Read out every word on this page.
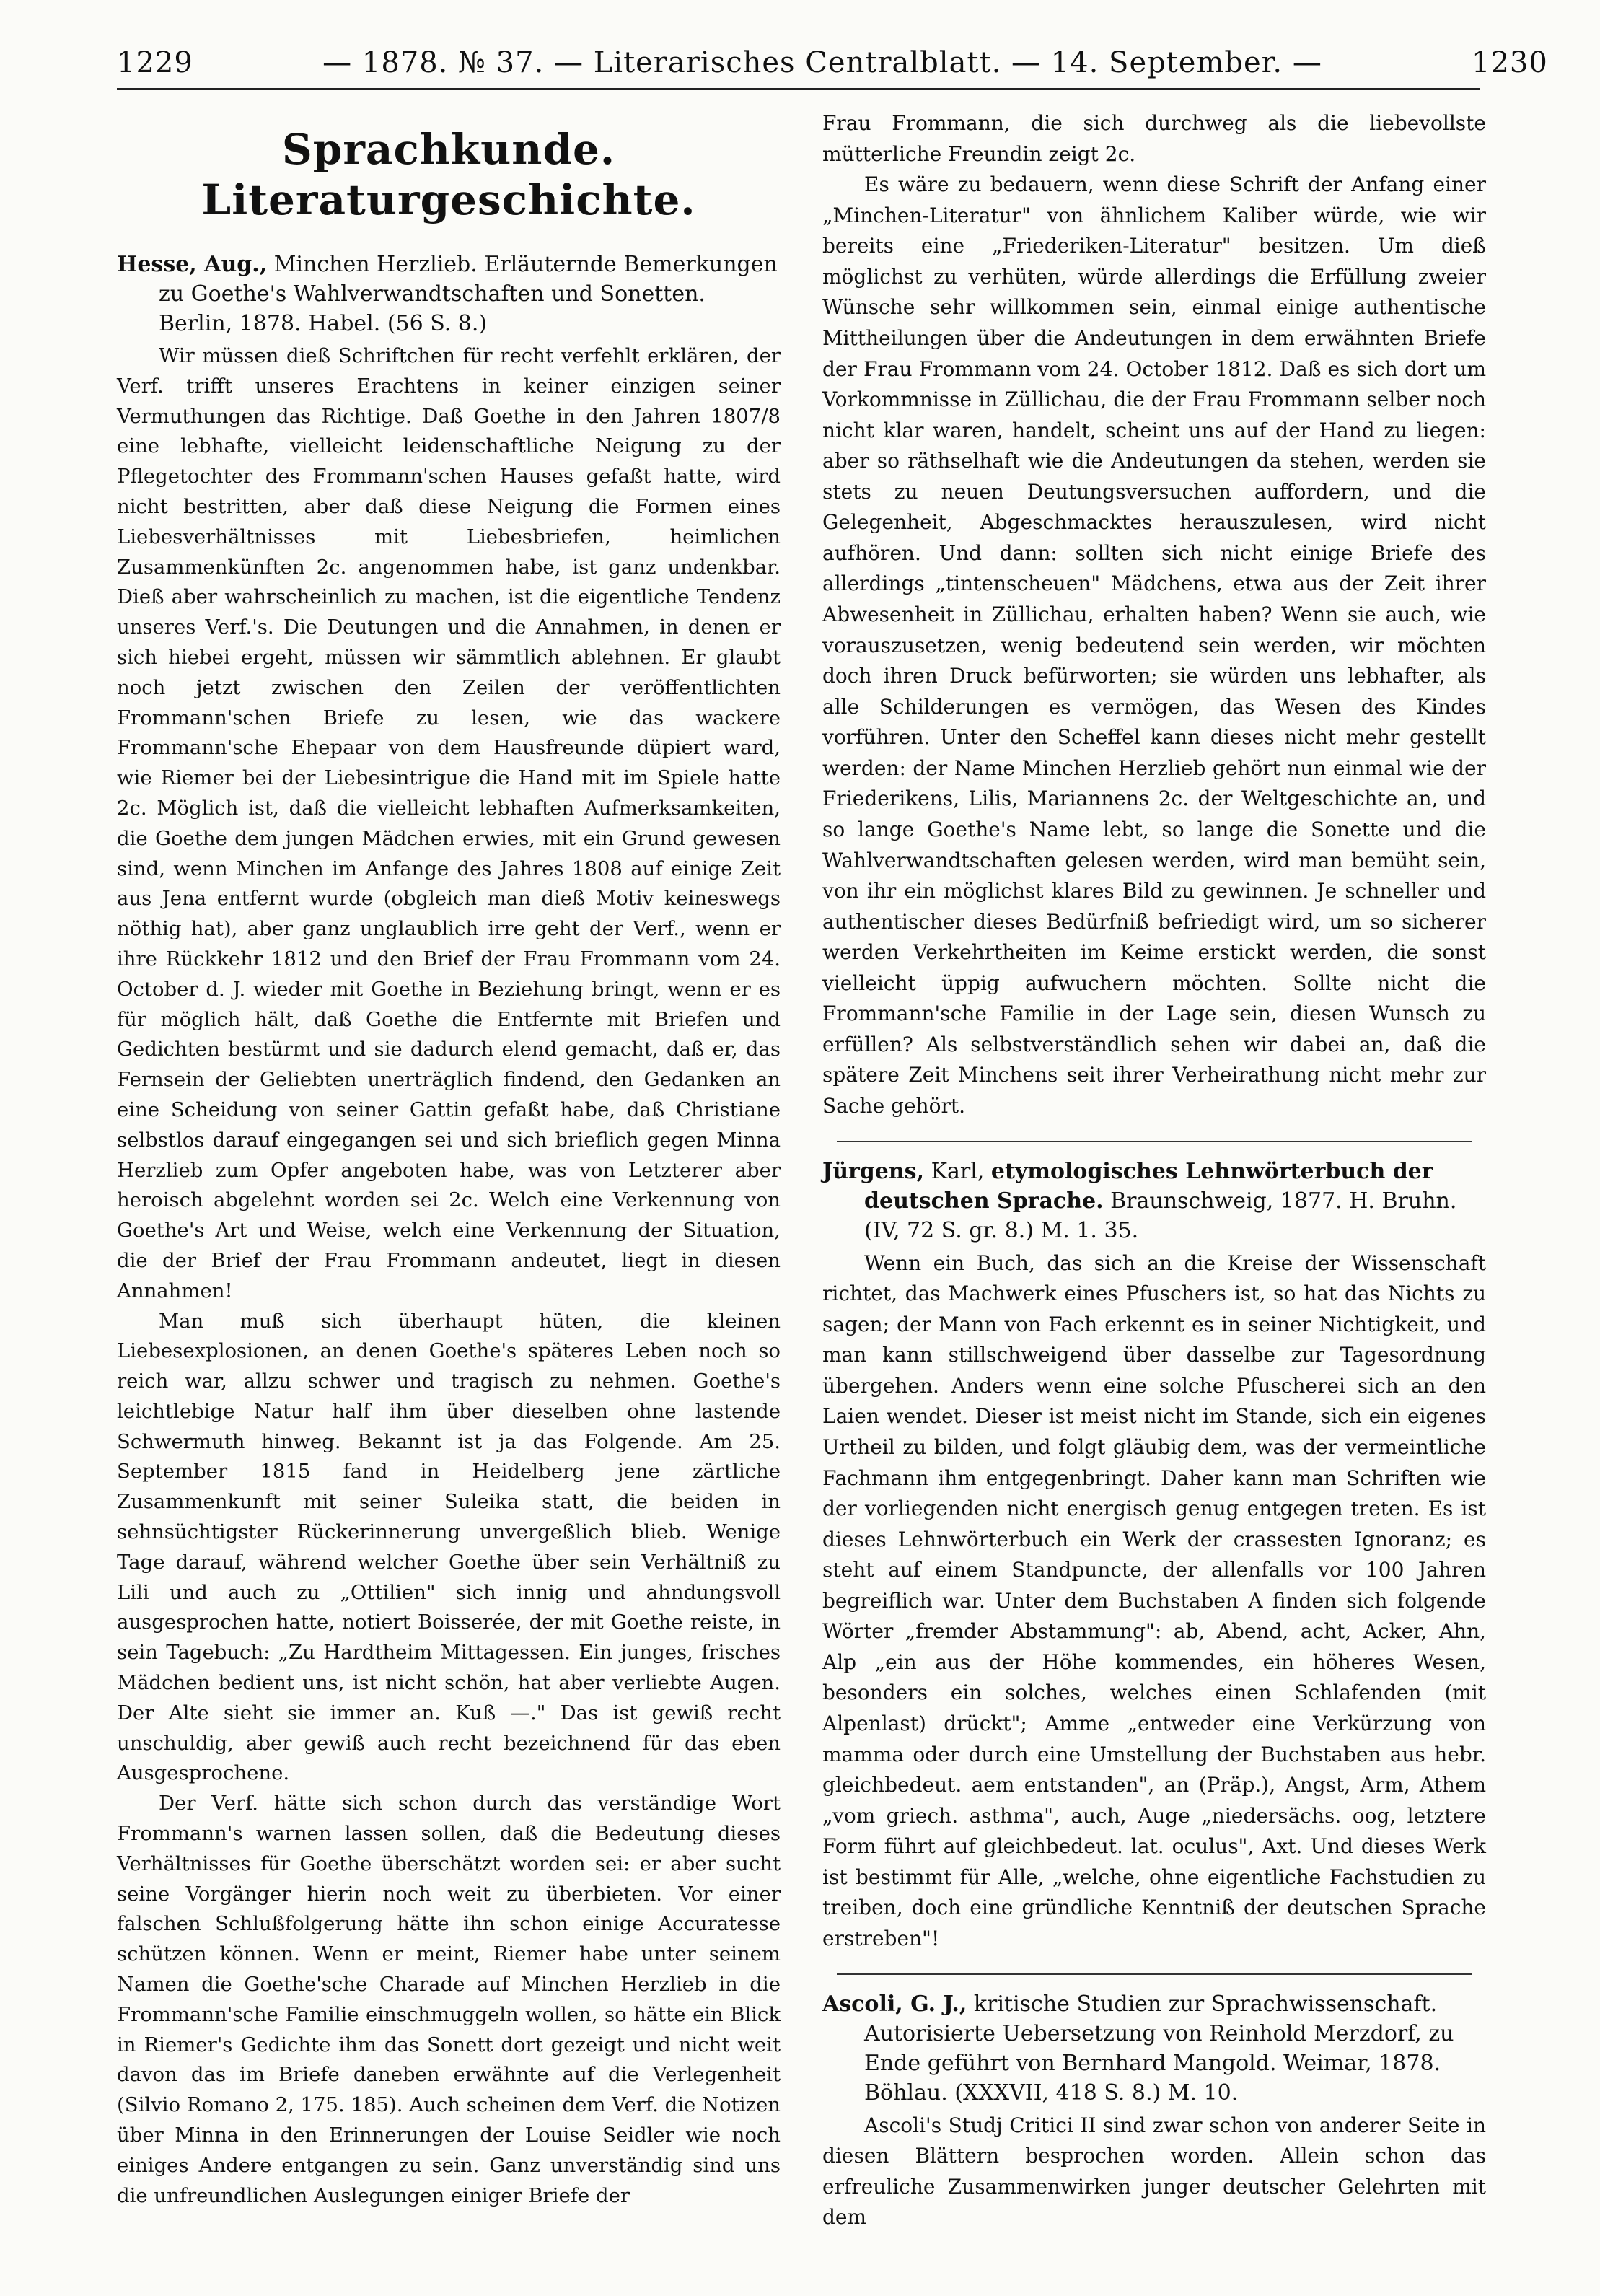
1229	— 1878. № 37. — Literarisches Centralblatt. — 14. September. —	1230
Sprachkunde. Literaturgeschichte.
Hesse, Aug., Minchen Herzlieb. Erläuternde Bemerkungen zu Goethe's Wahlverwandtschaften und Sonetten. Berlin, 1878. Habel. (56 S. 8.)

Wir müssen dieß Schriftchen für recht verfehlt erklären, der Verf. trifft unseres Erachtens in keiner einzigen seiner Vermuthungen das Richtige. Daß Goethe in den Jahren 1807/8 eine lebhafte, vielleicht leidenschaftliche Neigung zu der Pflegetochter des Frommann'schen Hauses gefaßt hatte, wird nicht bestritten, aber daß diese Neigung die Formen eines Liebesverhältnisses mit Liebesbriefen, heimlichen Zusammenkünften 2c. angenommen habe, ist ganz undenkbar. Dieß aber wahrscheinlich zu machen, ist die eigentliche Tendenz unseres Verf.'s. Die Deutungen und die Annahmen, in denen er sich hiebei ergeht, müssen wir sämmtlich ablehnen. Er glaubt noch jetzt zwischen den Zeilen der veröffentlichten Frommann'schen Briefe zu lesen, wie das wackere Frommann'sche Ehepaar von dem Hausfreunde düpiert ward, wie Riemer bei der Liebesintrigue die Hand mit im Spiele hatte 2c. Möglich ist, daß die vielleicht lebhaften Aufmerksamkeiten, die Goethe dem jungen Mädchen erwies, mit ein Grund gewesen sind, wenn Minchen im Anfange des Jahres 1808 auf einige Zeit aus Jena entfernt wurde (obgleich man dieß Motiv keineswegs nöthig hat), aber ganz unglaublich irre geht der Verf., wenn er ihre Rückkehr 1812 und den Brief der Frau Frommann vom 24. October d. J. wieder mit Goethe in Beziehung bringt, wenn er es für möglich hält, daß Goethe die Entfernte mit Briefen und Gedichten bestürmt und sie dadurch elend gemacht, daß er, das Fernsein der Geliebten unerträglich findend, den Gedanken an eine Scheidung von seiner Gattin gefaßt habe, daß Christiane selbstlos darauf eingegangen sei und sich brieflich gegen Minna Herzlieb zum Opfer angeboten habe, was von Letzterer aber heroisch abgelehnt worden sei 2c. Welch eine Verkennung von Goethe's Art und Weise, welch eine Verkennung der Situation, die der Brief der Frau Frommann andeutet, liegt in diesen Annahmen!

Man muß sich überhaupt hüten, die kleinen Liebesexplosionen, an denen Goethe's späteres Leben noch so reich war, allzu schwer und tragisch zu nehmen. Goethe's leichtlebige Natur half ihm über dieselben ohne lastende Schwermuth hinweg. Bekannt ist ja das Folgende. Am 25. September 1815 fand in Heidelberg jene zärtliche Zusammenkunft mit seiner Suleika statt, die beiden in sehnsüchtigster Rückerinnerung unvergeßlich blieb. Wenige Tage darauf, während welcher Goethe über sein Verhältniß zu Lili und auch zu „Ottilien" sich innig und ahndungsvoll ausgesprochen hatte, notiert Boisserée, der mit Goethe reiste, in sein Tagebuch: „Zu Hardtheim Mittagessen. Ein junges, frisches Mädchen bedient uns, ist nicht schön, hat aber verliebte Augen. Der Alte sieht sie immer an. Kuß —." Das ist gewiß recht unschuldig, aber gewiß auch recht bezeichnend für das eben Ausgesprochene.

Der Verf. hätte sich schon durch das verständige Wort Frommann's warnen lassen sollen, daß die Bedeutung dieses Verhältnisses für Goethe überschätzt worden sei: er aber sucht seine Vorgänger hierin noch weit zu überbieten. Vor einer falschen Schlußfolgerung hätte ihn schon einige Accuratesse schützen können. Wenn er meint, Riemer habe unter seinem Namen die Goethe'sche Charade auf Minchen Herzlieb in die Frommann'sche Familie einschmuggeln wollen, so hätte ein Blick in Riemer's Gedichte ihm das Sonett dort gezeigt und nicht weit davon das im Briefe daneben erwähnte auf die Verlegenheit (Silvio Romano 2, 175. 185). Auch scheinen dem Verf. die Notizen über Minna in den Erinnerungen der Louise Seidler wie noch einiges Andere entgangen zu sein. Ganz unverständig sind uns die unfreundlichen Auslegungen einiger Briefe der

Frau Frommann, die sich durchweg als die liebevollste mütterliche Freundin zeigt 2c.

Es wäre zu bedauern, wenn diese Schrift der Anfang einer „Minchen-Literatur" von ähnlichem Kaliber würde, wie wir bereits eine „Friederiken-Literatur" besitzen. Um dieß möglichst zu verhüten, würde allerdings die Erfüllung zweier Wünsche sehr willkommen sein, einmal einige authentische Mittheilungen über die Andeutungen in dem erwähnten Briefe der Frau Frommann vom 24. October 1812. Daß es sich dort um Vorkommnisse in Züllichau, die der Frau Frommann selber noch nicht klar waren, handelt, scheint uns auf der Hand zu liegen: aber so räthselhaft wie die Andeutungen da stehen, werden sie stets zu neuen Deutungsversuchen auffordern, und die Gelegenheit, Abgeschmacktes herauszulesen, wird nicht aufhören. Und dann: sollten sich nicht einige Briefe des allerdings „tintenscheuen" Mädchens, etwa aus der Zeit ihrer Abwesenheit in Züllichau, erhalten haben? Wenn sie auch, wie vorauszusetzen, wenig bedeutend sein werden, wir möchten doch ihren Druck befürworten; sie würden uns lebhafter, als alle Schilderungen es vermögen, das Wesen des Kindes vorführen. Unter den Scheffel kann dieses nicht mehr gestellt werden: der Name Minchen Herzlieb gehört nun einmal wie der Friederikens, Lilis, Mariannens 2c. der Weltgeschichte an, und so lange Goethe's Name lebt, so lange die Sonette und die Wahlverwandtschaften gelesen werden, wird man bemüht sein, von ihr ein möglichst klares Bild zu gewinnen. Je schneller und authentischer dieses Bedürfniß befriedigt wird, um so sicherer werden Verkehrtheiten im Keime erstickt werden, die sonst vielleicht üppig aufwuchern möchten. Sollte nicht die Frommann'sche Familie in der Lage sein, diesen Wunsch zu erfüllen? Als selbstverständlich sehen wir dabei an, daß die spätere Zeit Minchens seit ihrer Verheirathung nicht mehr zur Sache gehört.

Jürgens, Karl, etymologisches Lehnwörterbuch der deutschen Sprache. Braunschweig, 1877. H. Bruhn. (IV, 72 S. gr. 8.) M. 1. 35.

Wenn ein Buch, das sich an die Kreise der Wissenschaft richtet, das Machwerk eines Pfuschers ist, so hat das Nichts zu sagen; der Mann von Fach erkennt es in seiner Nichtigkeit, und man kann stillschweigend über dasselbe zur Tagesordnung übergehen. Anders wenn eine solche Pfuscherei sich an den Laien wendet. Dieser ist meist nicht im Stande, sich ein eigenes Urtheil zu bilden, und folgt gläubig dem, was der vermeintliche Fachmann ihm entgegenbringt. Daher kann man Schriften wie der vorliegenden nicht energisch genug entgegen treten. Es ist dieses Lehnwörterbuch ein Werk der crassesten Ignoranz; es steht auf einem Standpuncte, der allenfalls vor 100 Jahren begreiflich war. Unter dem Buchstaben A finden sich folgende Wörter „fremder Abstammung": ab, Abend, acht, Acker, Ahn, Alp „ein aus der Höhe kommendes, ein höheres Wesen, besonders ein solches, welches einen Schlafenden (mit Alpenlast) drückt"; Amme „entweder eine Verkürzung von mamma oder durch eine Umstellung der Buchstaben aus hebr. gleichbedeut. aem entstanden", an (Präp.), Angst, Arm, Athem „vom griech. asthma", auch, Auge „niedersächs. oog, letztere Form führt auf gleichbedeut. lat. oculus", Axt. Und dieses Werk ist bestimmt für Alle, „welche, ohne eigentliche Fachstudien zu treiben, doch eine gründliche Kenntniß der deutschen Sprache erstreben"!

Ascoli, G. J., kritische Studien zur Sprachwissenschaft. Autorisierte Uebersetzung von Reinhold Merzdorf, zu Ende geführt von Bernhard Mangold. Weimar, 1878. Böhlau. (XXXVII, 418 S. 8.) M. 10.

Ascoli's Studj Critici II sind zwar schon von anderer Seite in diesen Blättern besprochen worden. Allein schon das erfreuliche Zusammenwirken junger deutscher Gelehrten mit dem
